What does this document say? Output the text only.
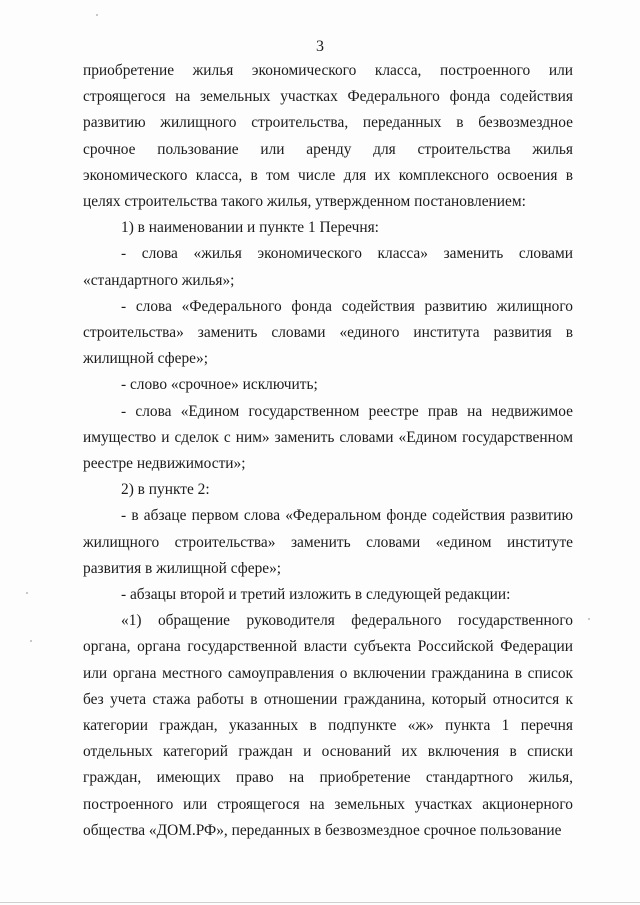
3

приобретение жилья экономического класса, построенного или строящегося на земельных участках Федерального фонда содействия развитию жилищного строительства, переданных в безвозмездное срочное пользование или аренду для строительства жилья экономического класса, в том числе для их комплексного освоения в целях строительства такого жилья, утвержденном постановлением:

1) в наименовании и пункте 1 Перечня:

- слова «жилья экономического класса» заменить словами «стандартного жилья»;

- слова «Федерального фонда содействия развитию жилищного строительства» заменить словами «единого института развития в жилищной сфере»;

- слово «срочное» исключить;

- слова «Едином государственном реестре прав на недвижимое имущество и сделок с ним» заменить словами «Едином государственном реестре недвижимости»;

2) в пункте 2:

- в абзаце первом слова «Федеральном фонде содействия развитию жилищного строительства» заменить словами «едином институте развития в жилищной сфере»;

- абзацы второй и третий изложить в следующей редакции:

«1) обращение руководителя федерального государственного органа, органа государственной власти субъекта Российской Федерации или органа местного самоуправления о включении гражданина в список без учета стажа работы в отношении гражданина, который относится к категории граждан, указанных в подпункте «ж» пункта 1 перечня отдельных категорий граждан и оснований их включения в списки граждан, имеющих право на приобретение стандартного жилья, построенного или строящегося на земельных участках акционерного общества «ДОМ.РФ», переданных в безвозмездное срочное пользование
